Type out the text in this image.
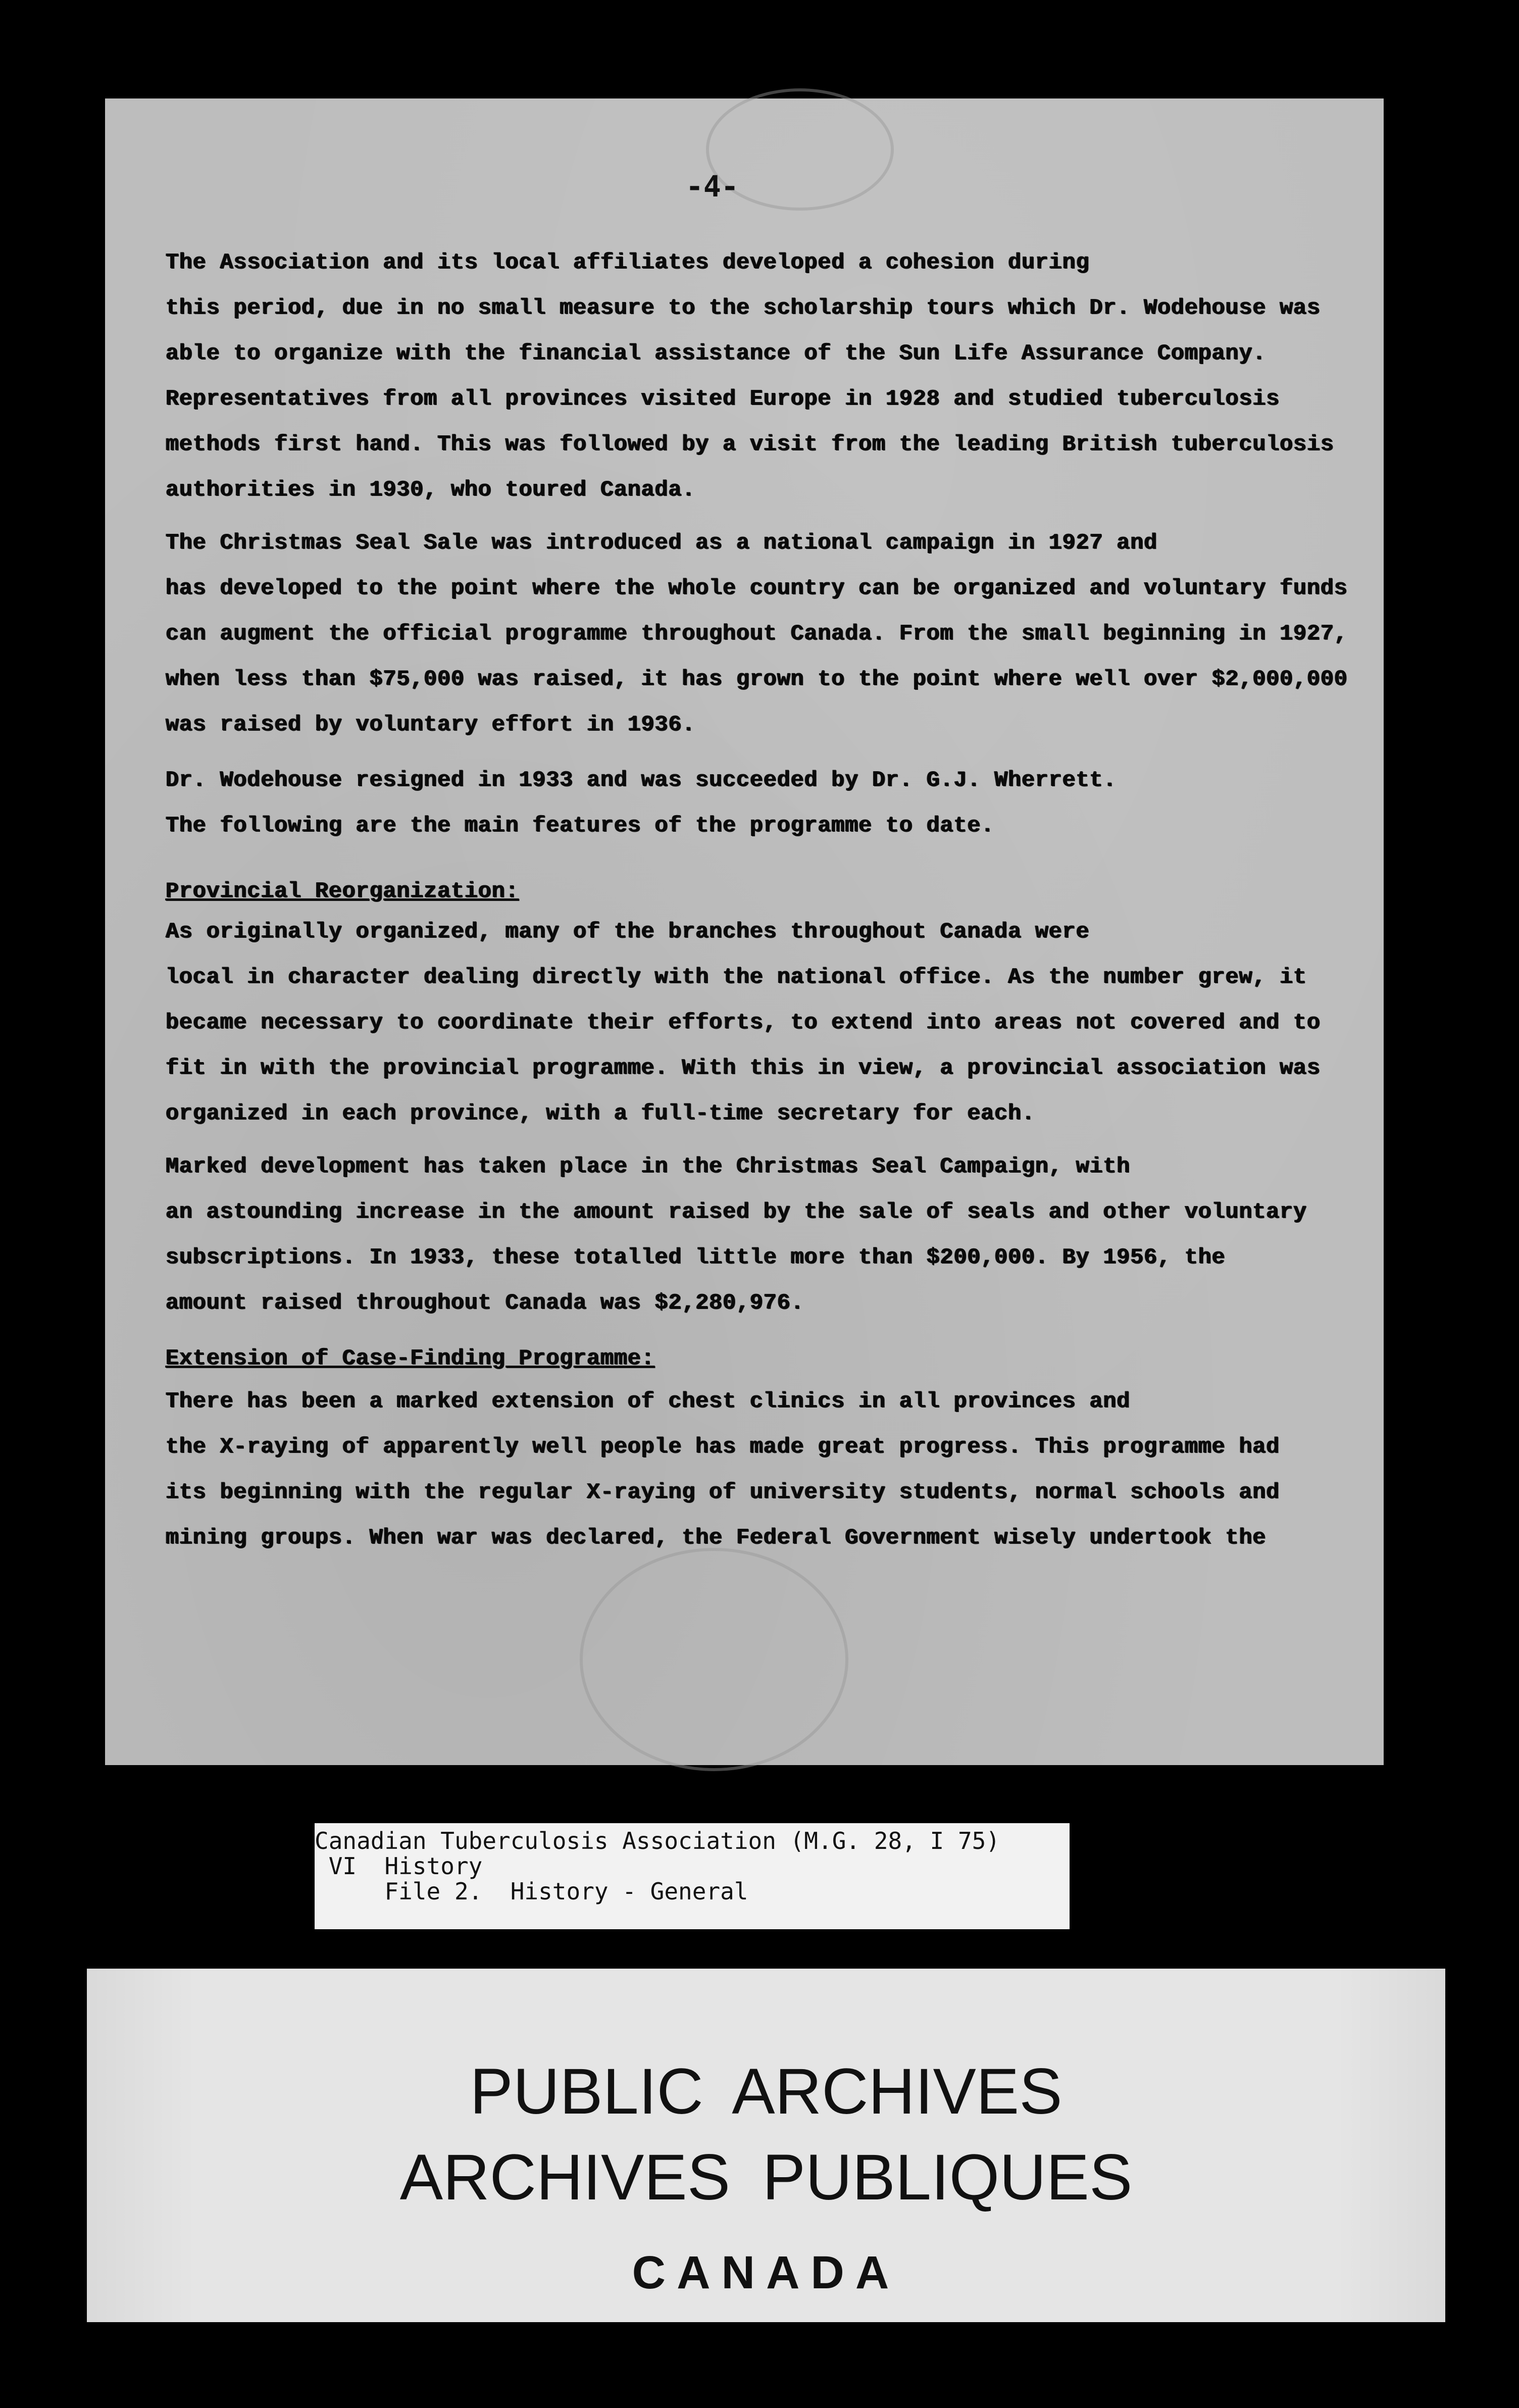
-4-
The Association and its local affiliates developed a cohesion during
this period, due in no small measure to the scholarship tours which Dr. Wodehouse was
able to organize with the financial assistance of the Sun Life Assurance Company.
Representatives from all provinces visited Europe in 1928 and studied tuberculosis
methods first hand. This was followed by a visit from the leading British tuberculosis
authorities in 1930, who toured Canada.
The Christmas Seal Sale was introduced as a national campaign in 1927 and
has developed to the point where the whole country can be organized and voluntary funds
can augment the official programme throughout Canada. From the small beginning in 1927,
when less than $75,000 was raised, it has grown to the point where well over $2,000,000
was raised by voluntary effort in 1936.
Dr. Wodehouse resigned in 1933 and was succeeded by Dr. G.J. Wherrett.
The following are the main features of the programme to date.
Provincial Reorganization:
As originally organized, many of the branches throughout Canada were
local in character dealing directly with the national office. As the number grew, it
became necessary to coordinate their efforts, to extend into areas not covered and to
fit in with the provincial programme. With this in view, a provincial association was
organized in each province, with a full-time secretary for each.
Marked development has taken place in the Christmas Seal Campaign, with
an astounding increase in the amount raised by the sale of seals and other voluntary
subscriptions. In 1933, these totalled little more than $200,000. By 1956, the
amount raised throughout Canada was $2,280,976.
Extension of Case-Finding Programme:
There has been a marked extension of chest clinics in all provinces and
the X-raying of apparently well people has made great progress. This programme had
its beginning with the regular X-raying of university students, normal schools and
mining groups. When war was declared, the Federal Government wisely undertook the
Canadian Tuberculosis Association (M.G. 28, I 75)
VI  History
File 2.  History - General
PUBLIC ARCHIVES
ARCHIVES PUBLIQUES
CANADA
